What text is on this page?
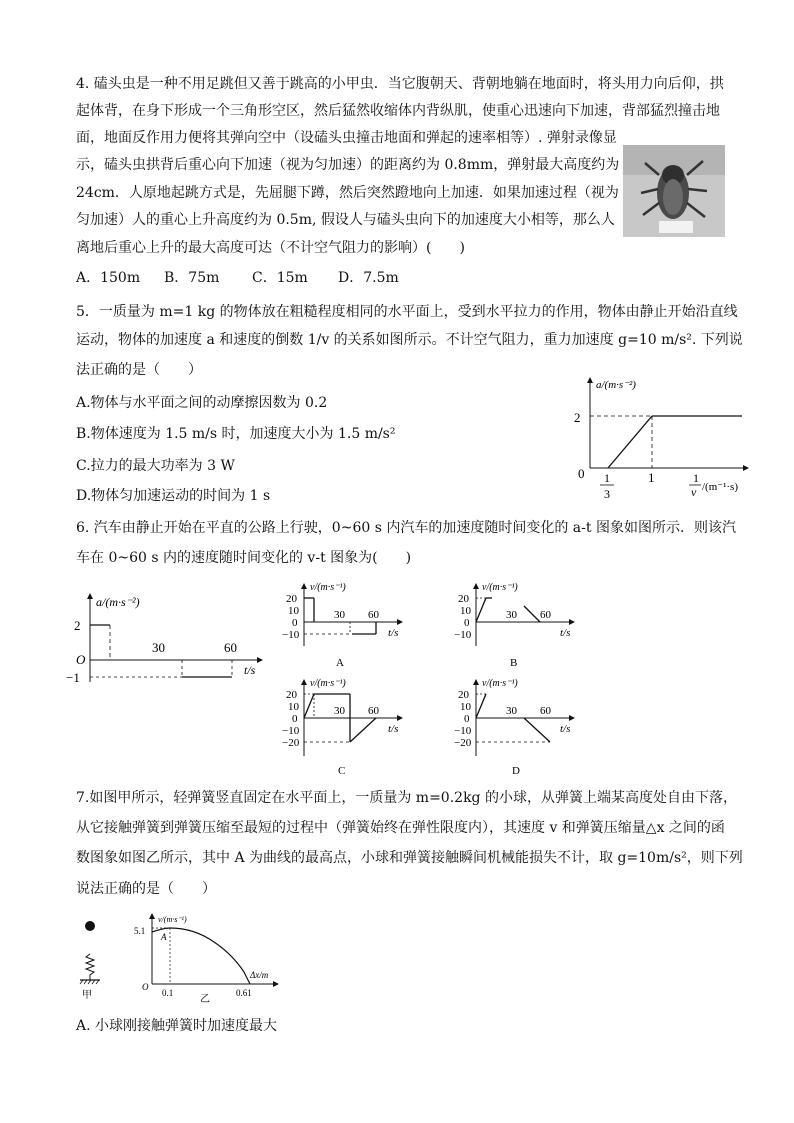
4. 磕头虫是一种不用足跳但又善于跳高的小甲虫．当它腹朝天、背朝地躺在地面时，将头用力向后仰，拱
起体背，在身下形成一个三角形空区，然后猛然收缩体内背纵肌，使重心迅速向下加速，背部猛烈撞击地
面，地面反作用力便将其弹向空中（设磕头虫撞击地面和弹起的速率相等）. 弹射录像显
示，磕头虫拱背后重心向下加速（视为匀加速）的距离约为 0.8mm，弹射最大高度约为
24cm．人原地起跳方式是，先屈腿下蹲，然后突然蹬地向上加速．如果加速过程（视为
匀加速）人的重心上升高度约为 0.5m, 假设人与磕头虫向下的加速度大小相等，那么人
离地后重心上升的最大高度可达（不计空气阻力的影响）(　　)
A．150m B．75m C．15m D．7.5m
5．一质量为 m=1 kg 的物体放在粗糙程度相同的水平面上，受到水平拉力的作用，物体由静止开始沿直线
运动，物体的加速度 a 和速度的倒数 1/v 的关系如图所示。不计空气阻力，重力加速度 g=10 m/s². 下列说
法正确的是（　　）
A.物体与水平面之间的动摩擦因数为 0.2
B.物体速度为 1.5 m/s 时，加速度大小为 1.5 m/s²
C.拉力的最大功率为 3 W
D.物体匀加速运动的时间为 1 s
a/(m·s⁻²)
2
0	1
1
3
1
v /(m⁻¹·s)
6. 汽车由静止开始在平直的公路上行驶，0~60 s 内汽车的加速度随时间变化的 a-t 图象如图所示．则该汽
车在 0~60 s 内的速度随时间变化的 v-t 图象为(　　)
a/(m·s⁻²)
2
O
−1
30	60
t/s
v/(m·s⁻¹)
20
10
0
−10
30 60
t/s
A
v/(m·s⁻¹)
20
10
0
−10
30 60
t/s
B
v/(m·s⁻¹)
20
10
0
−10
−20
30 60
t/s
C
v/(m·s⁻¹)
20
10
0
−10
−20
30 60
t/s
D
7.如图甲所示，轻弹簧竖直固定在水平面上，一质量为 m=0.2kg 的小球，从弹簧上端某高度处自由下落，
从它接触弹簧到弹簧压缩至最短的过程中（弹簧始终在弹性限度内），其速度 v 和弹簧压缩量△x 之间的函
数图象如图乙所示，其中 A 为曲线的最高点，小球和弹簧接触瞬间机械能损失不计，取 g=10m/s²，则下列
说法正确的是（　　）
甲
v/(m·s⁻¹)
5.1
A
O
0.1	0.61
Δx/m
乙
A. 小球刚接触弹簧时加速度最大
